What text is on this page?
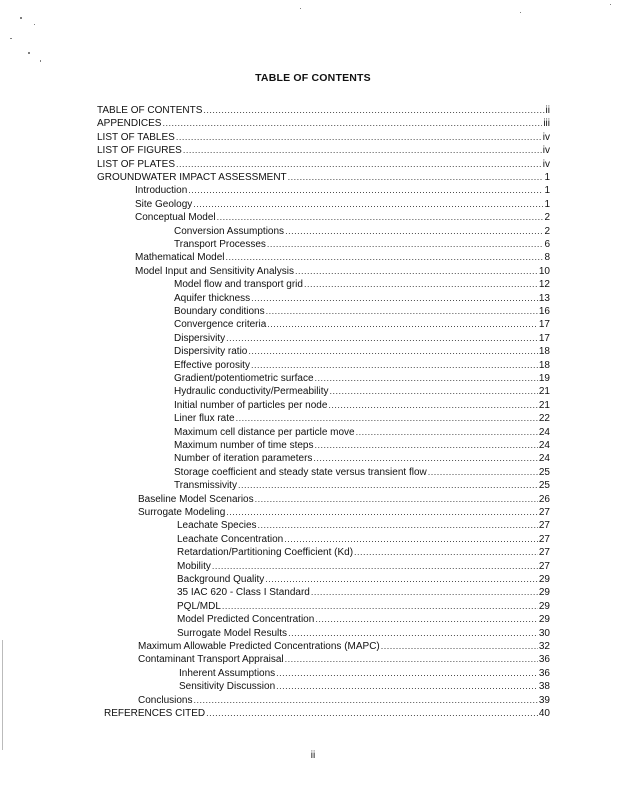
TABLE OF CONTENTS
TABLE OF CONTENTS .....	ii
APPENDICES .....	iii
LIST OF TABLES .....	iv
LIST OF FIGURES .....	iv
LIST OF PLATES .....	iv
GROUNDWATER IMPACT ASSESSMENT .....	1
Introduction .....	1
Site Geology .....	1
Conceptual Model .....	2
Conversion Assumptions .....	2
Transport Processes .....	6
Mathematical Model .....	8
Model Input and Sensitivity Analysis .....	10
Model flow and transport grid .....	12
Aquifer thickness .....	13
Boundary conditions .....	16
Convergence criteria .....	17
Dispersivity .....	17
Dispersivity ratio .....	18
Effective porosity .....	18
Gradient/potentiometric surface .....	19
Hydraulic conductivity/Permeability .....	21
Initial number of particles per node .....	21
Liner flux rate .....	22
Maximum cell distance per particle move .....	24
Maximum number of time steps .....	24
Number of iteration parameters .....	24
Storage coefficient and steady state versus transient flow .....	25
Transmissivity .....	25
Baseline Model Scenarios .....	26
Surrogate Modeling .....	27
Leachate Species .....	27
Leachate Concentration .....	27
Retardation/Partitioning Coefficient (Kd) .....	27
Mobility .....	27
Background Quality .....	29
35 IAC 620 - Class I Standard .....	29
PQL/MDL .....	29
Model Predicted Concentration .....	29
Surrogate Model Results .....	30
Maximum Allowable Predicted Concentrations (MAPC) .....	32
Contaminant Transport Appraisal .....	36
Inherent Assumptions .....	36
Sensitivity Discussion .....	38
Conclusions .....	39
REFERENCES CITED .....	40
ii
